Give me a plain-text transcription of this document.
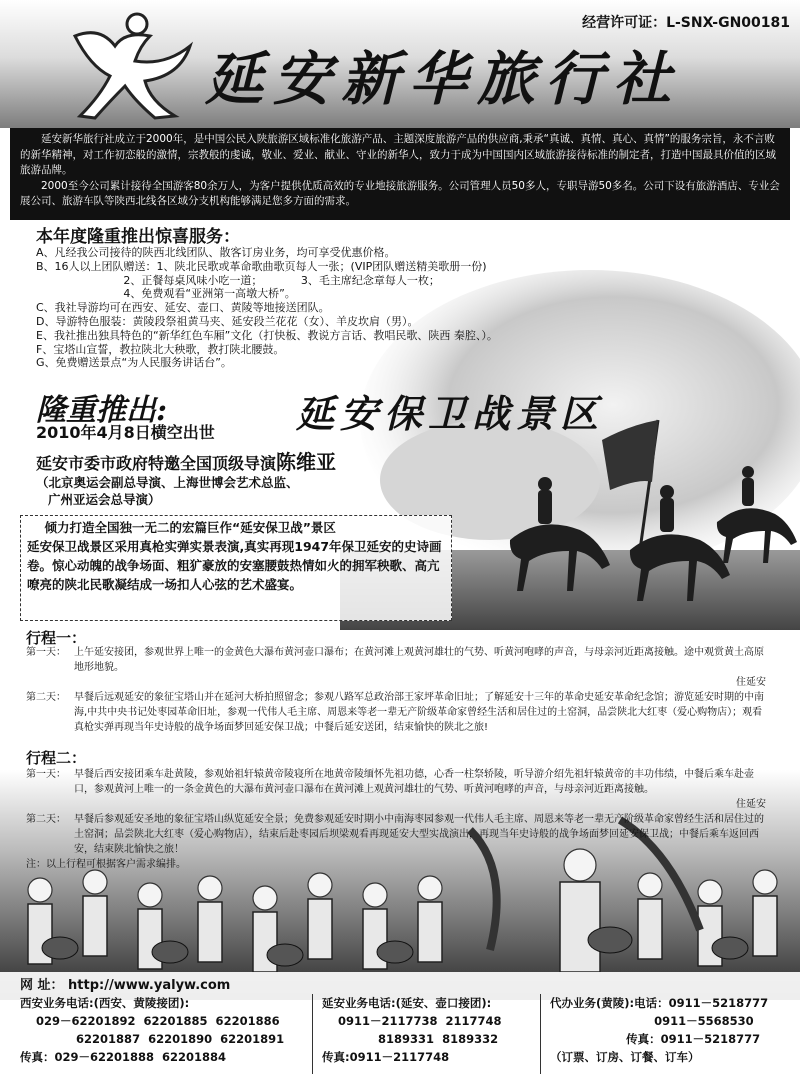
延安新华旅行社
经营许可证：L-SNX-GN00181

延安新华旅行社成立于2000年，是中国公民入陕旅游区域标准化旅游产品、主题深度旅游产品的供应商,秉承“真诚、真情、真心、真情”的服务宗旨，永不言败的新华精神，对工作初恋般的激情，宗教般的虔诚，敬业、爱业、献业、守业的新华人，致力于成为中国国内区域旅游接待标准的制定者，打造中国最具价值的区域旅游品牌。

2000至今公司累计接待全国游客80余万人，为客户提供优质高效的专业地接旅游服务。公司管理人员50多人，专职导游50多名。公司下设有旅游酒店、专业会展公司、旅游车队等陕西北线各区域分支机构能够满足您多方面的需求。

本年度隆重推出惊喜服务：
A、凡经我公司接待的陕西北线团队、散客订房业务，均可享受优惠价格。
B、16人以上团队赠送：1、陕北民歌或革命歌曲歌页每人一张；(VIP团队赠送精美歌册一份)
2、正餐每桌风味小吃一道；           3、毛主席纪念章每人一枚；
4、免费观看“亚洲第一高墩大桥”。
C、我社导游均可在西安、延安、壶口、黄陵等地接送团队。
D、导游特色服装：黄陵段祭祖黄马夹、延安段兰花花（女）、羊皮坎肩（男）。
E、我社推出独具特色的“新华红色车厢”文化（打快板、教说方言话、教唱民歌、陕西 秦腔、）。
F、宝塔山宣誓，教拉陕北大秧歌，教打陕北腰鼓。
G、免费赠送景点“为人民服务讲话台”。
隆重推出:	延安保卫战景区
2010年4月8日横空出世
延安市委市政府特邀全国顶级导演陈维亚
（北京奥运会副总导演、上海世博会艺术总监、
广州亚运会总导演）

倾力打造全国独一无二的宏篇巨作“延安保卫战”景区

延安保卫战景区采用真枪实弹实景表演,真实再现1947年保卫延安的史诗画卷。惊心动魄的战争场面、粗犷豪放的安塞腰鼓热情如火的拥军秧歌、高亢嘹亮的陕北民歌凝结成一场扣人心弦的艺术盛宴。
行程一：
第一天： 上午延安接团，参观世界上唯一的金黄色大瀑布黄河壶口瀑布；在黄河滩上观黄河雄壮的气势、听黄河咆哮的声音，与母亲河近距离接触。途中观赏黄土高原地形地貌。
住延安
第二天： 早餐后远观延安的象征宝塔山并在延河大桥拍照留念；参观八路军总政治部王家坪革命旧址；了解延安十三年的革命史延安革命纪念馆；游览延安时期的中南海,中共中央书记处枣园革命旧址，参观一代伟人毛主席、周恩来等老一辈无产阶级革命家曾经生活和居住过的土窑洞，品尝陕北大红枣（爱心购物店）；观看真枪实弹再现当年史诗般的战争场面梦回延安保卫战；中餐后延安送团，结束愉快的陕北之旅!
行程二：
第一天： 早餐后西安接团乘车赴黄陵，参观始祖轩辕黄帝陵寝所在地黄帝陵缅怀先祖功德，心香一柱祭轿陵，听导游介绍先祖轩辕黄帝的丰功伟绩，中餐后乘车赴壶口，参观黄河上唯一的一条金黄色的大瀑布黄河壶口瀑布在黄河滩上观黄河雄壮的气势、听黄河咆哮的声音，与母亲河近距离接触。
住延安
第二天： 早餐后参观延安圣地的象征宝塔山纵览延安全景；免费参观延安时期小中南海枣园参观一代伟人毛主席、周恩来等老一辈无产阶级革命家曾经生活和居住过的土窑洞；品尝陕北大红枣（爱心购物店），结束后赴枣园后坝梁观看再现延安大型实战演出，再现当年史诗般的战争场面梦回延安保卫战；中餐后乘车返回西安，结束陕北愉快之旅！
注：以上行程可根据客户需求编排。
网 址： http://www.yalyw.com
西安业务电话:(西安、黄陵接团):
029－62201892  62201885  62201886
62201887  62201890  62201891
传真：029－62201888  62201884
延安业务电话:(延安、壶口接团):
0911－2117738  2117748
8189331  8189332
传真:0911－2117748
代办业务(黄陵):电话：0911－5218777
0911－5568530
传真：0911－5218777
（订票、订房、订餐、订车）
